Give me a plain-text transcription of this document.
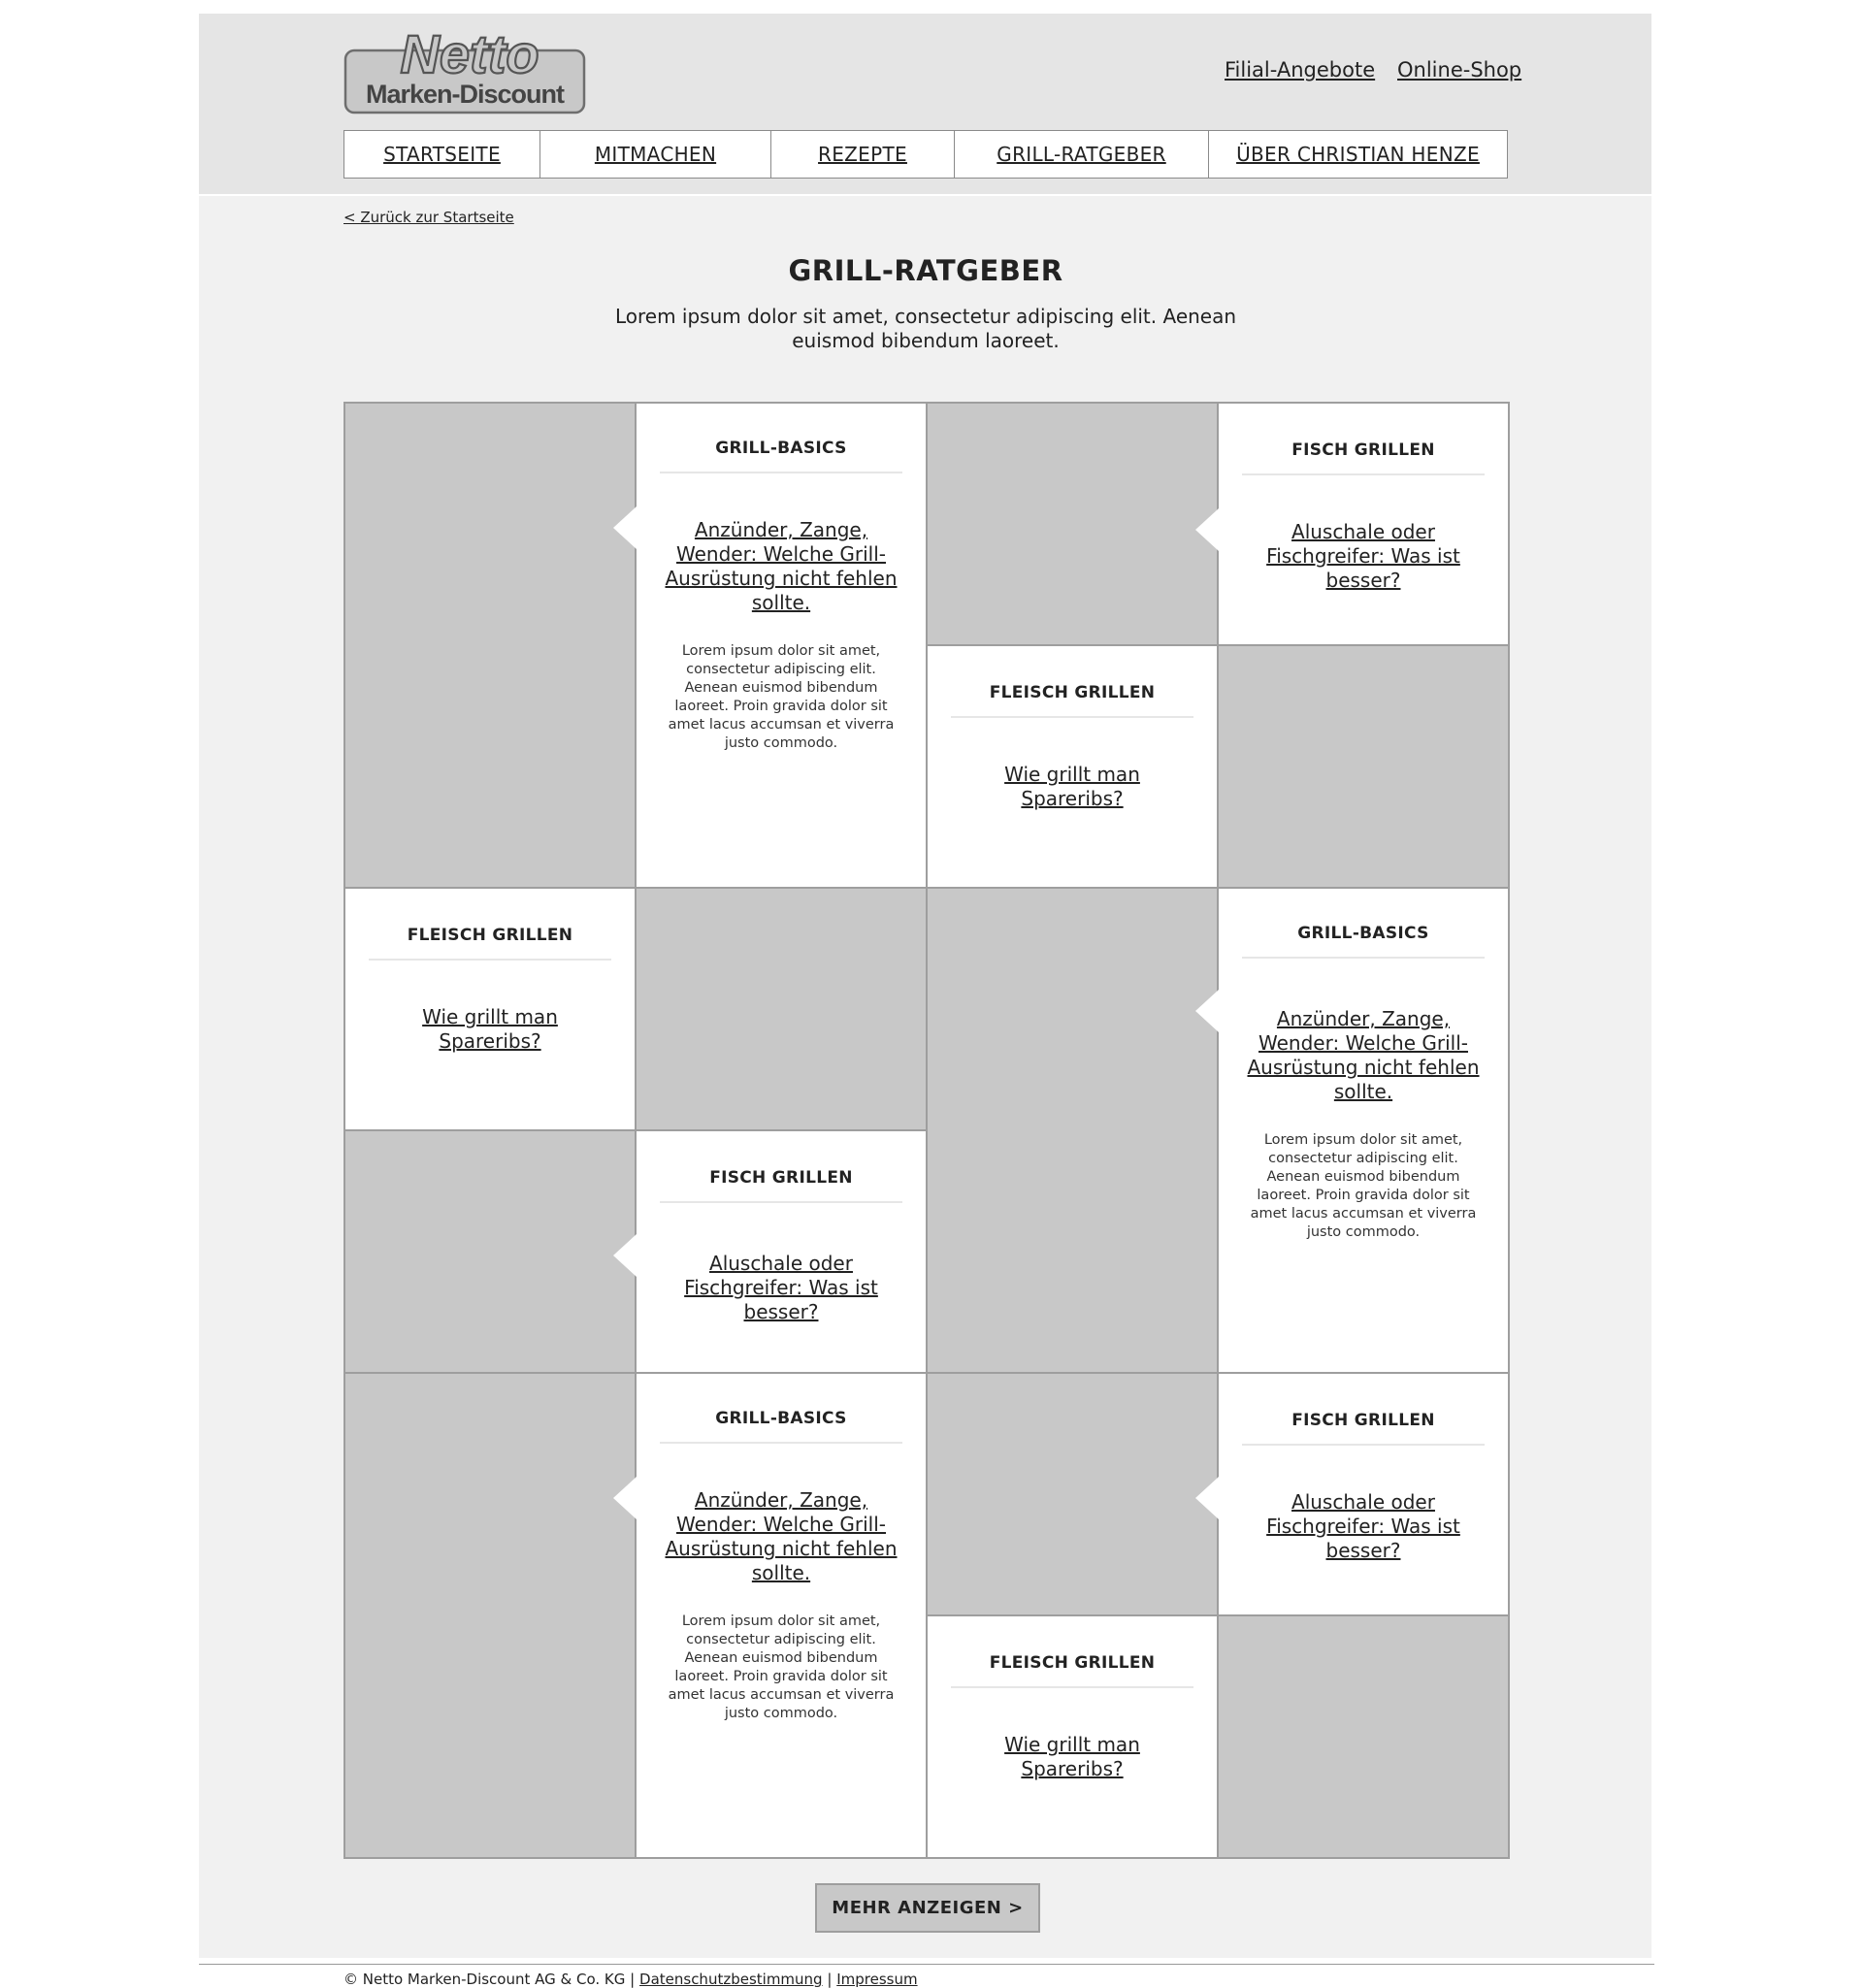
Netto
Marken-Discount
Filial-Angebote Online-Shop
STARTSEITE	MITMACHEN	REZEPTE	GRILL-RATGEBER	ÜBER CHRISTIAN HENZE
< Zurück zur Startseite
GRILL-RATGEBER
Lorem ipsum dolor sit amet, consectetur adipiscing elit. Aenean euismod bibendum laoreet.
GRILL-BASICS
Anzünder, Zange, Wender: Welche Grill-Ausrüstung nicht fehlen sollte.
Lorem ipsum dolor sit amet, consectetur adipiscing elit. Aenean euismod bibendum laoreet. Proin gravida dolor sit amet lacus accumsan et viverra justo commodo.
FISCH GRILLEN
Aluschale oder Fischgreifer: Was ist besser?
FLEISCH GRILLEN
Wie grillt man Spareribs?
FLEISCH GRILLEN
Wie grillt man Spareribs?
GRILL-BASICS
Anzünder, Zange, Wender: Welche Grill-Ausrüstung nicht fehlen sollte.
Lorem ipsum dolor sit amet, consectetur adipiscing elit. Aenean euismod bibendum laoreet. Proin gravida dolor sit amet lacus accumsan et viverra justo commodo.
FISCH GRILLEN
Aluschale oder Fischgreifer: Was ist besser?
GRILL-BASICS
Anzünder, Zange, Wender: Welche Grill-Ausrüstung nicht fehlen sollte.
Lorem ipsum dolor sit amet, consectetur adipiscing elit. Aenean euismod bibendum laoreet. Proin gravida dolor sit amet lacus accumsan et viverra justo commodo.
FISCH GRILLEN
Aluschale oder Fischgreifer: Was ist besser?
FLEISCH GRILLEN
Wie grillt man Spareribs?
MEHR ANZEIGEN >
© Netto Marken-Discount AG & Co. KG | Datenschutzbestimmung | Impressum
